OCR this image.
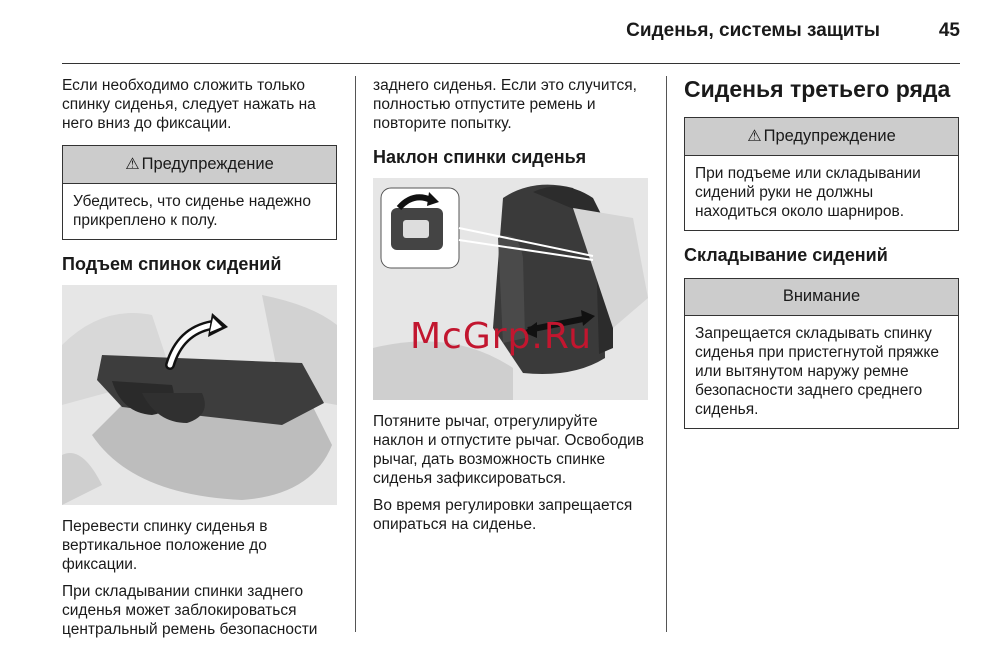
Сиденья, системы защиты	45

Если необходимо сложить только спинку сиденья, следует нажать на него вниз до фиксации.

⚠ Предупреждение
Убедитесь, что сиденье надежно прикреплено к полу.
Подъем спинок сидений

Перевести спинку сиденья в вертикальное положение до фиксации.

При складывании спинки заднего сиденья может заблокироваться центральный ремень безопасности

заднего сиденья. Если это случится, полностью отпустите ремень и повторите попытку.

Наклон спинки сиденья

Потяните рычаг, отрегулируйте наклон и отпустите рычаг. Освободив рычаг, дать возможность спинке сиденья зафиксироваться.

Во время регулировки запрещается опираться на сиденье.

Сиденья третьего ряда
⚠ Предупреждение
При подъеме или складывании сидений руки не должны находиться около шарниров.
Складывание сидений
Внимание
Запрещается складывать спинку сиденья при пристегнутой пряжке или вытянутом наружу ремне безопасности заднего среднего сиденья.
McGrp.Ru
